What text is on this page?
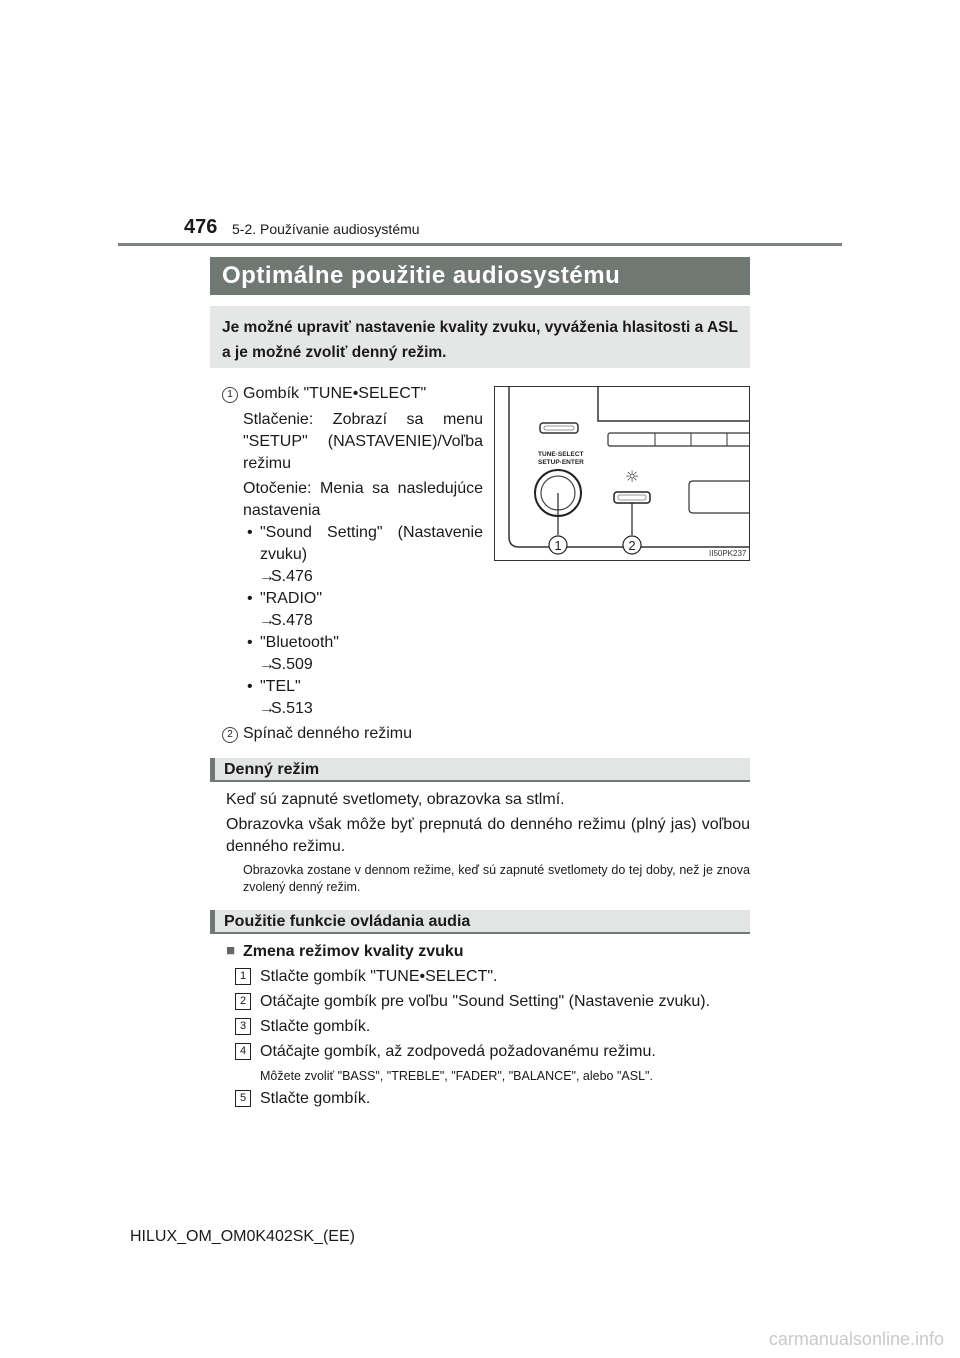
476 5-2. Používanie audiosystému
Optimálne použitie audiosystému
Je možné upraviť nastavenie kvality zvuku, vyváženia hlasitosti a ASL a je možné zvoliť denný režim.
1 Gombík "TUNE•SELECT"
Stlačenie: Zobrazí sa menu "SETUP" (NASTAVENIE)/Voľba režimu
Otočenie: Menia sa nasledujúce nastavenia
• "Sound Setting" (Nastavenie zvuku)
→
S.476
• "RADIO"
→
S.478
• "Bluetooth"
→
S.509
• "TEL"
→
S.513
2 Spínač denného režimu
TUNE·SELECT
SETUP·ENTER
1
☼
2
II50PK237
Denný režim
Keď sú zapnuté svetlomety, obrazovka sa stlmí.
Obrazovka však môže byť prepnutá do denného režimu (plný jas) voľbou denného režimu.
Obrazovka zostane v dennom režime, keď sú zapnuté svetlomety do tej doby, než je znova zvolený denný režim.
Použitie funkcie ovládania audia
■ Zmena režimov kvality zvuku
1 Stlačte gombík "TUNE•SELECT".
2 Otáčajte gombík pre voľbu "Sound Setting" (Nastavenie zvuku).
3 Stlačte gombík.
4 Otáčajte gombík, až zodpovedá požadovanému režimu.
Môžete zvoliť "BASS", "TREBLE", "FADER", "BALANCE", alebo "ASL".
5 Stlačte gombík.
HILUX_OM_OM0K402SK_(EE)
carmanualsonline.info
